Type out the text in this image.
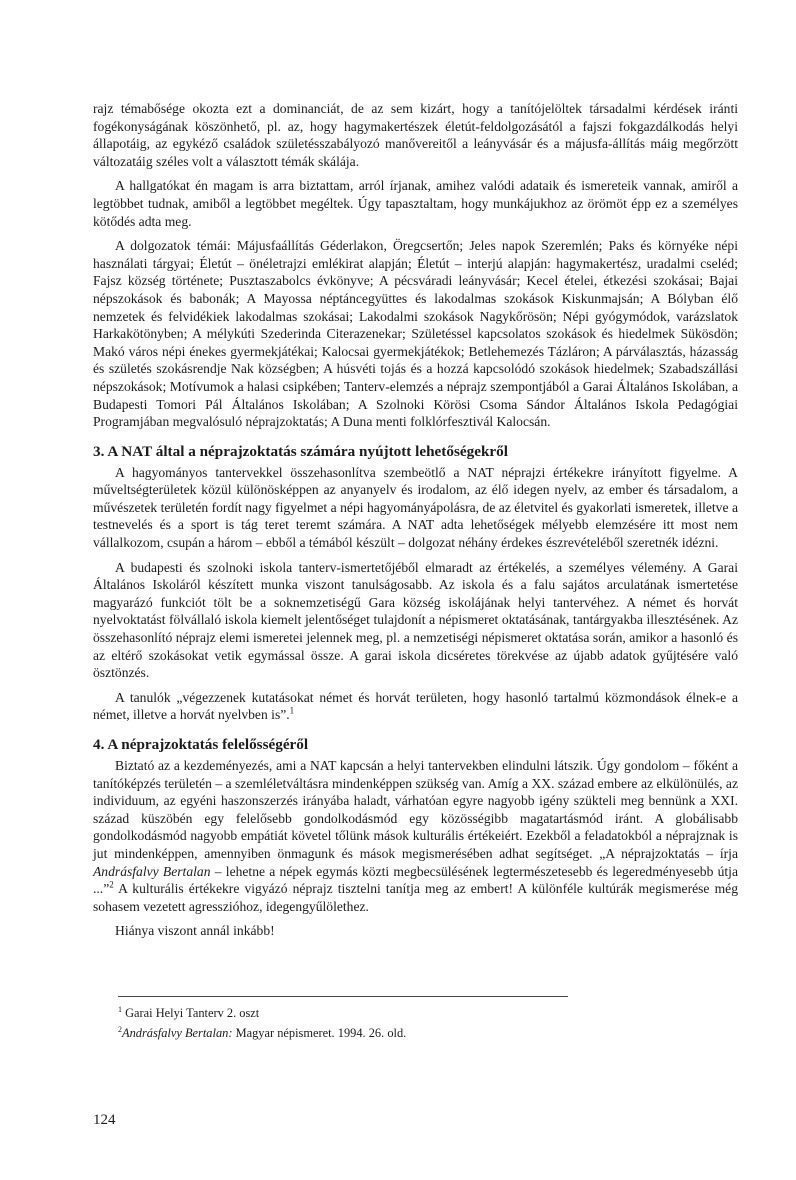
rajz témabősége okozta ezt a dominanciát, de az sem kizárt, hogy a tanítójelöltek társadalmi kérdések iránti fogékonyságának köszönhető, pl. az, hogy hagymakertészek életút-feldolgozásától a fajszi fokgazdálkodás helyi állapotáig, az egykéző családok születésszabályozó manővereitől a leányvásár és a májusfa-állítás máig megőrzött változatáig széles volt a választott témák skálája.

A hallgatókat én magam is arra biztattam, arról írjanak, amihez valódi adataik és ismereteik vannak, amiről a legtöbbet tudnak, amiből a legtöbbet megéltek. Úgy tapasztaltam, hogy munkájukhoz az örömöt épp ez a személyes kötődés adta meg.

A dolgozatok témái: Májusfaállítás Géderlakon, Öregcsertőn; Jeles napok Szeremlén; Paks és környéke népi használati tárgyai; Életút – önéletrajzi emlékirat alapján; Életút – interjú alapján: hagymakertész, uradalmi cseléd; Fajsz község története; Pusztaszabolcs évkönyve; A pécsváradi leányvásár; Kecel ételei, étkezési szokásai; Bajai népszokások és babonák; A Mayossa néptáncegyüttes és lakodalmas szokások Kiskunmajsán; A Bólyban élő nemzetek és felvidékiek lakodalmas szokásai; Lakodalmi szokások Nagykőrösön; Népi gyógymódok, varázslatok Harkakötönyben; A mélykúti Szederinda Citerazenekar; Születéssel kapcsolatos szokások és hiedelmek Sükösdön; Makó város népi énekes gyermekjátékai; Kalocsai gyermekjátékok; Betlehemezés Tázláron; A párválasztás, házasság és születés szokásrendje Nak községben; A húsvéti tojás és a hozzá kapcsolódó szokások hiedelmek; Szabadszállási népszokások; Motívumok a halasi csipkében; Tanterv-elemzés a néprajz szempontjából a Garai Általános Iskolában, a Budapesti Tomori Pál Általános Iskolában; A Szolnoki Körösi Csoma Sándor Általános Iskola Pedagógiai Programjában megvalósuló néprajzoktatás; A Duna menti folklórfesztivál Kalocsán.

3. A NAT által a néprajzoktatás számára nyújtott lehetőségekről

A hagyományos tantervekkel összehasonlítva szembeötlő a NAT néprajzi értékekre irányított figyelme. A műveltségterületek közül különösképpen az anyanyelv és irodalom, az élő idegen nyelv, az ember és társadalom, a művészetek területén fordít nagy figyelmet a népi hagyományápolásra, de az életvitel és gyakorlati ismeretek, illetve a testnevelés és a sport is tág teret teremt számára. A NAT adta lehetőségek mélyebb elemzésére itt most nem vállalkozom, csupán a három – ebből a témából készült – dolgozat néhány érdekes észrevételéből szeretnék idézni.

A budapesti és szolnoki iskola tanterv-ismertetőjéből elmaradt az értékelés, a személyes vélemény. A Garai Általános Iskoláról készített munka viszont tanulságosabb. Az iskola és a falu sajátos arculatának ismertetése magyarázó funkciót tölt be a soknemzetiségű Gara község iskolájának helyi tantervéhez. A német és horvát nyelvoktatást fölvállaló iskola kiemelt jelentőséget tulajdonít a népismeret oktatásának, tantárgyakba illesztésének. Az összehasonlító néprajz elemi ismeretei jelennek meg, pl. a nemzetiségi népismeret oktatása során, amikor a hasonló és az eltérő szokásokat vetik egymással össze. A garai iskola dicséretes törekvése az újabb adatok gyűjtésére való ösztönzés.

A tanulók „végezzenek kutatásokat német és horvát területen, hogy hasonló tartalmú közmondások élnek-e a német, illetve a horvát nyelvben is”.$^1$

4. A néprajzoktatás felelősségéről

Biztató az a kezdeményezés, ami a NAT kapcsán a helyi tantervekben elindulni látszik. Úgy gondolom – főként a tanítóképzés területén – a szemléletváltásra mindenképpen szükség van. Amíg a XX. század embere az elkülönülés, az individuum, az egyéni haszonszerzés irányába haladt, várhatóan egyre nagyobb igény szükteli meg bennünk a XXI. század küszöbén egy felelősebb gondolkodásmód egy közösségibb magatartásmód iránt. A globálisabb gondolkodásmód nagyobb empátiát követel tőlünk mások kulturális értékeiért. Ezekből a feladatokból a néprajznak is jut mindenképpen, amennyiben önmagunk és mások megismerésében adhat segítséget. „A néprajzoktatás – írja Andrásfalvy Bertalan – lehetne a népek egymás közti megbecsülésének legtermészetesebb és legeredményesebb útja ...”$^2$ A kulturális értékekre vigyázó néprajz tisztelni tanítja meg az embert! A különféle kultúrák megismerése még sohasem vezetett agresszióhoz, idegengyűlölethez.

Hiánya viszont annál inkább!

$^1$ Garai Helyi Tanterv 2. oszt
$^2$Andrásfalvy Bertalan: Magyar népismeret. 1994. 26. old.
124
